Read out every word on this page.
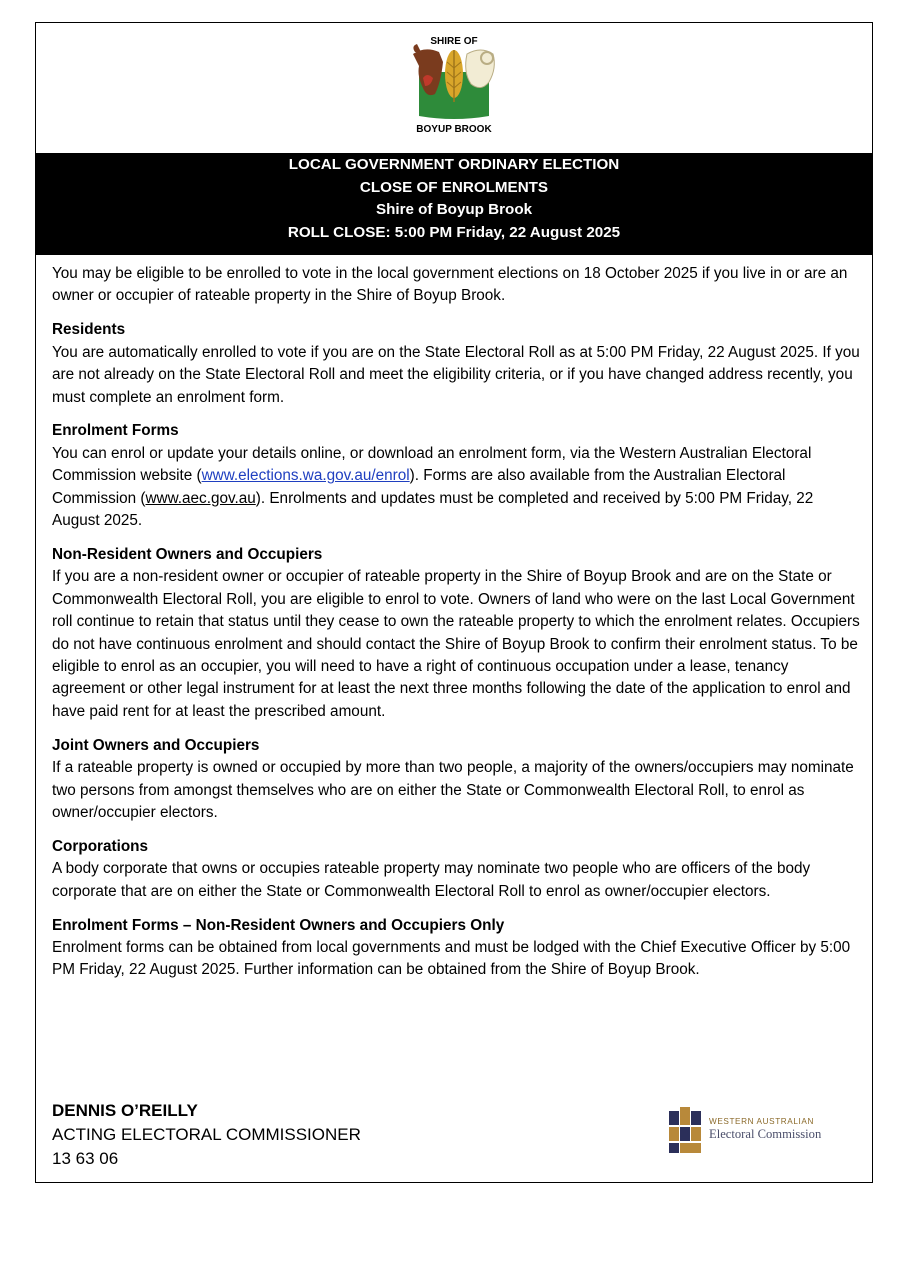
SHIRE OF
BOYUP BROOK
LOCAL GOVERNMENT ORDINARY ELECTION
CLOSE OF ENROLMENTS
Shire of Boyup Brook
ROLL CLOSE: 5:00 PM Friday, 22 August 2025

You may be eligible to be enrolled to vote in the local government elections on 18 October 2025 if you live in or are an owner or occupier of rateable property in the Shire of Boyup Brook.

Residents

You are automatically enrolled to vote if you are on the State Electoral Roll as at 5:00 PM Friday, 22 August 2025. If you are not already on the State Electoral Roll and meet the eligibility criteria, or if you have changed address recently, you must complete an enrolment form.

Enrolment Forms

You can enrol or update your details online, or download an enrolment form, via the Western Australian Electoral Commission website (www.elections.wa.gov.au/enrol). Forms are also available from the Australian Electoral Commission (www.aec.gov.au). Enrolments and updates must be completed and received by 5:00 PM Friday, 22 August 2025.

Non-Resident Owners and Occupiers

If you are a non-resident owner or occupier of rateable property in the Shire of Boyup Brook and are on the State or Commonwealth Electoral Roll, you are eligible to enrol to vote. Owners of land who were on the last Local Government roll continue to retain that status until they cease to own the rateable property to which the enrolment relates. Occupiers do not have continuous enrolment and should contact the Shire of Boyup Brook to confirm their enrolment status. To be eligible to enrol as an occupier, you will need to have a right of continuous occupation under a lease, tenancy agreement or other legal instrument for at least the next three months following the date of the application to enrol and have paid rent for at least the prescribed amount.

Joint Owners and Occupiers

If a rateable property is owned or occupied by more than two people, a majority of the owners/occupiers may nominate two persons from amongst themselves who are on either the State or Commonwealth Electoral Roll, to enrol as owner/occupier electors.

Corporations

A body corporate that owns or occupies rateable property may nominate two people who are officers of the body corporate that are on either the State or Commonwealth Electoral Roll to enrol as owner/occupier electors.

Enrolment Forms – Non-Resident Owners and Occupiers Only

Enrolment forms can be obtained from local governments and must be lodged with the Chief Executive Officer by 5:00 PM Friday, 22 August 2025. Further information can be obtained from the Shire of Boyup Brook.

DENNIS O’REILLY
ACTING ELECTORAL COMMISSIONER
13 63 06
WESTERN AUSTRALIAN
Electoral Commission
